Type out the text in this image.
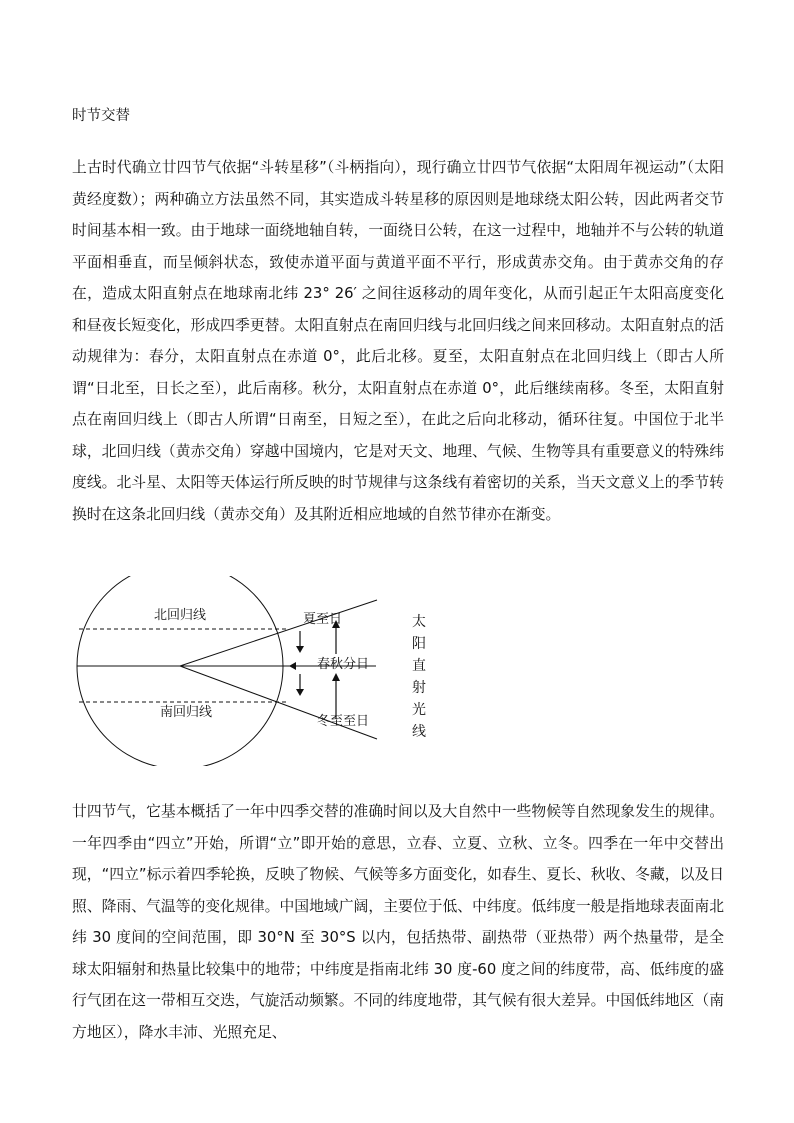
时节交替

上古时代确立廿四节气依据“斗转星移”（斗柄指向），现行确立廿四节气依据“太阳周年视运动”（太阳黄经度数）；两种确立方法虽然不同，其实造成斗转星移的原因则是地球绕太阳公转，因此两者交节时间基本相一致。由于地球一面绕地轴自转，一面绕日公转，在这一过程中，地轴并不与公转的轨道平面相垂直，而呈倾斜状态，致使赤道平面与黄道平面不平行，形成黄赤交角。由于黄赤交角的存在，造成太阳直射点在地球南北纬 23° 26′ 之间往返移动的周年变化，从而引起正午太阳高度变化和昼夜长短变化，形成四季更替。太阳直射点在南回归线与北回归线之间来回移动。太阳直射点的活动规律为：春分，太阳直射点在赤道 0°，此后北移。夏至，太阳直射点在北回归线上（即古人所谓“日北至，日长之至），此后南移。秋分，太阳直射点在赤道 0°，此后继续南移。冬至，太阳直射点在南回归线上（即古人所谓“日南至，日短之至），在此之后向北移动，循环往复。中国位于北半球，北回归线（黄赤交角）穿越中国境内，它是对天文、地理、气候、生物等具有重要意义的特殊纬度线。北斗星、太阳等天体运行所反映的时节规律与这条线有着密切的关系，当天文意义上的季节转换时在这条北回归线（黄赤交角）及其附近相应地域的自然节律亦在渐变。

北回归线
南回归线
夏至日
春秋分日
冬至至日
太阳直射光线

廿四节气，它基本概括了一年中四季交替的准确时间以及大自然中一些物候等自然现象发生的规律。一年四季由“四立”开始，所谓“立”即开始的意思，立春、立夏、立秋、立冬。四季在一年中交替出现，“四立”标示着四季轮换，反映了物候、气候等多方面变化，如春生、夏长、秋收、冬藏，以及日照、降雨、气温等的变化规律。中国地域广阔，主要位于低、中纬度。低纬度一般是指地球表面南北纬 30 度间的空间范围，即 30°N 至 30°S 以内，包括热带、副热带（亚热带）两个热量带，是全球太阳辐射和热量比较集中的地带；中纬度是指南北纬 30 度-60 度之间的纬度带，高、低纬度的盛行气团在这一带相互交迭，气旋活动频繁。不同的纬度地带，其气候有很大差异。中国低纬地区（南方地区），降水丰沛、光照充足、
